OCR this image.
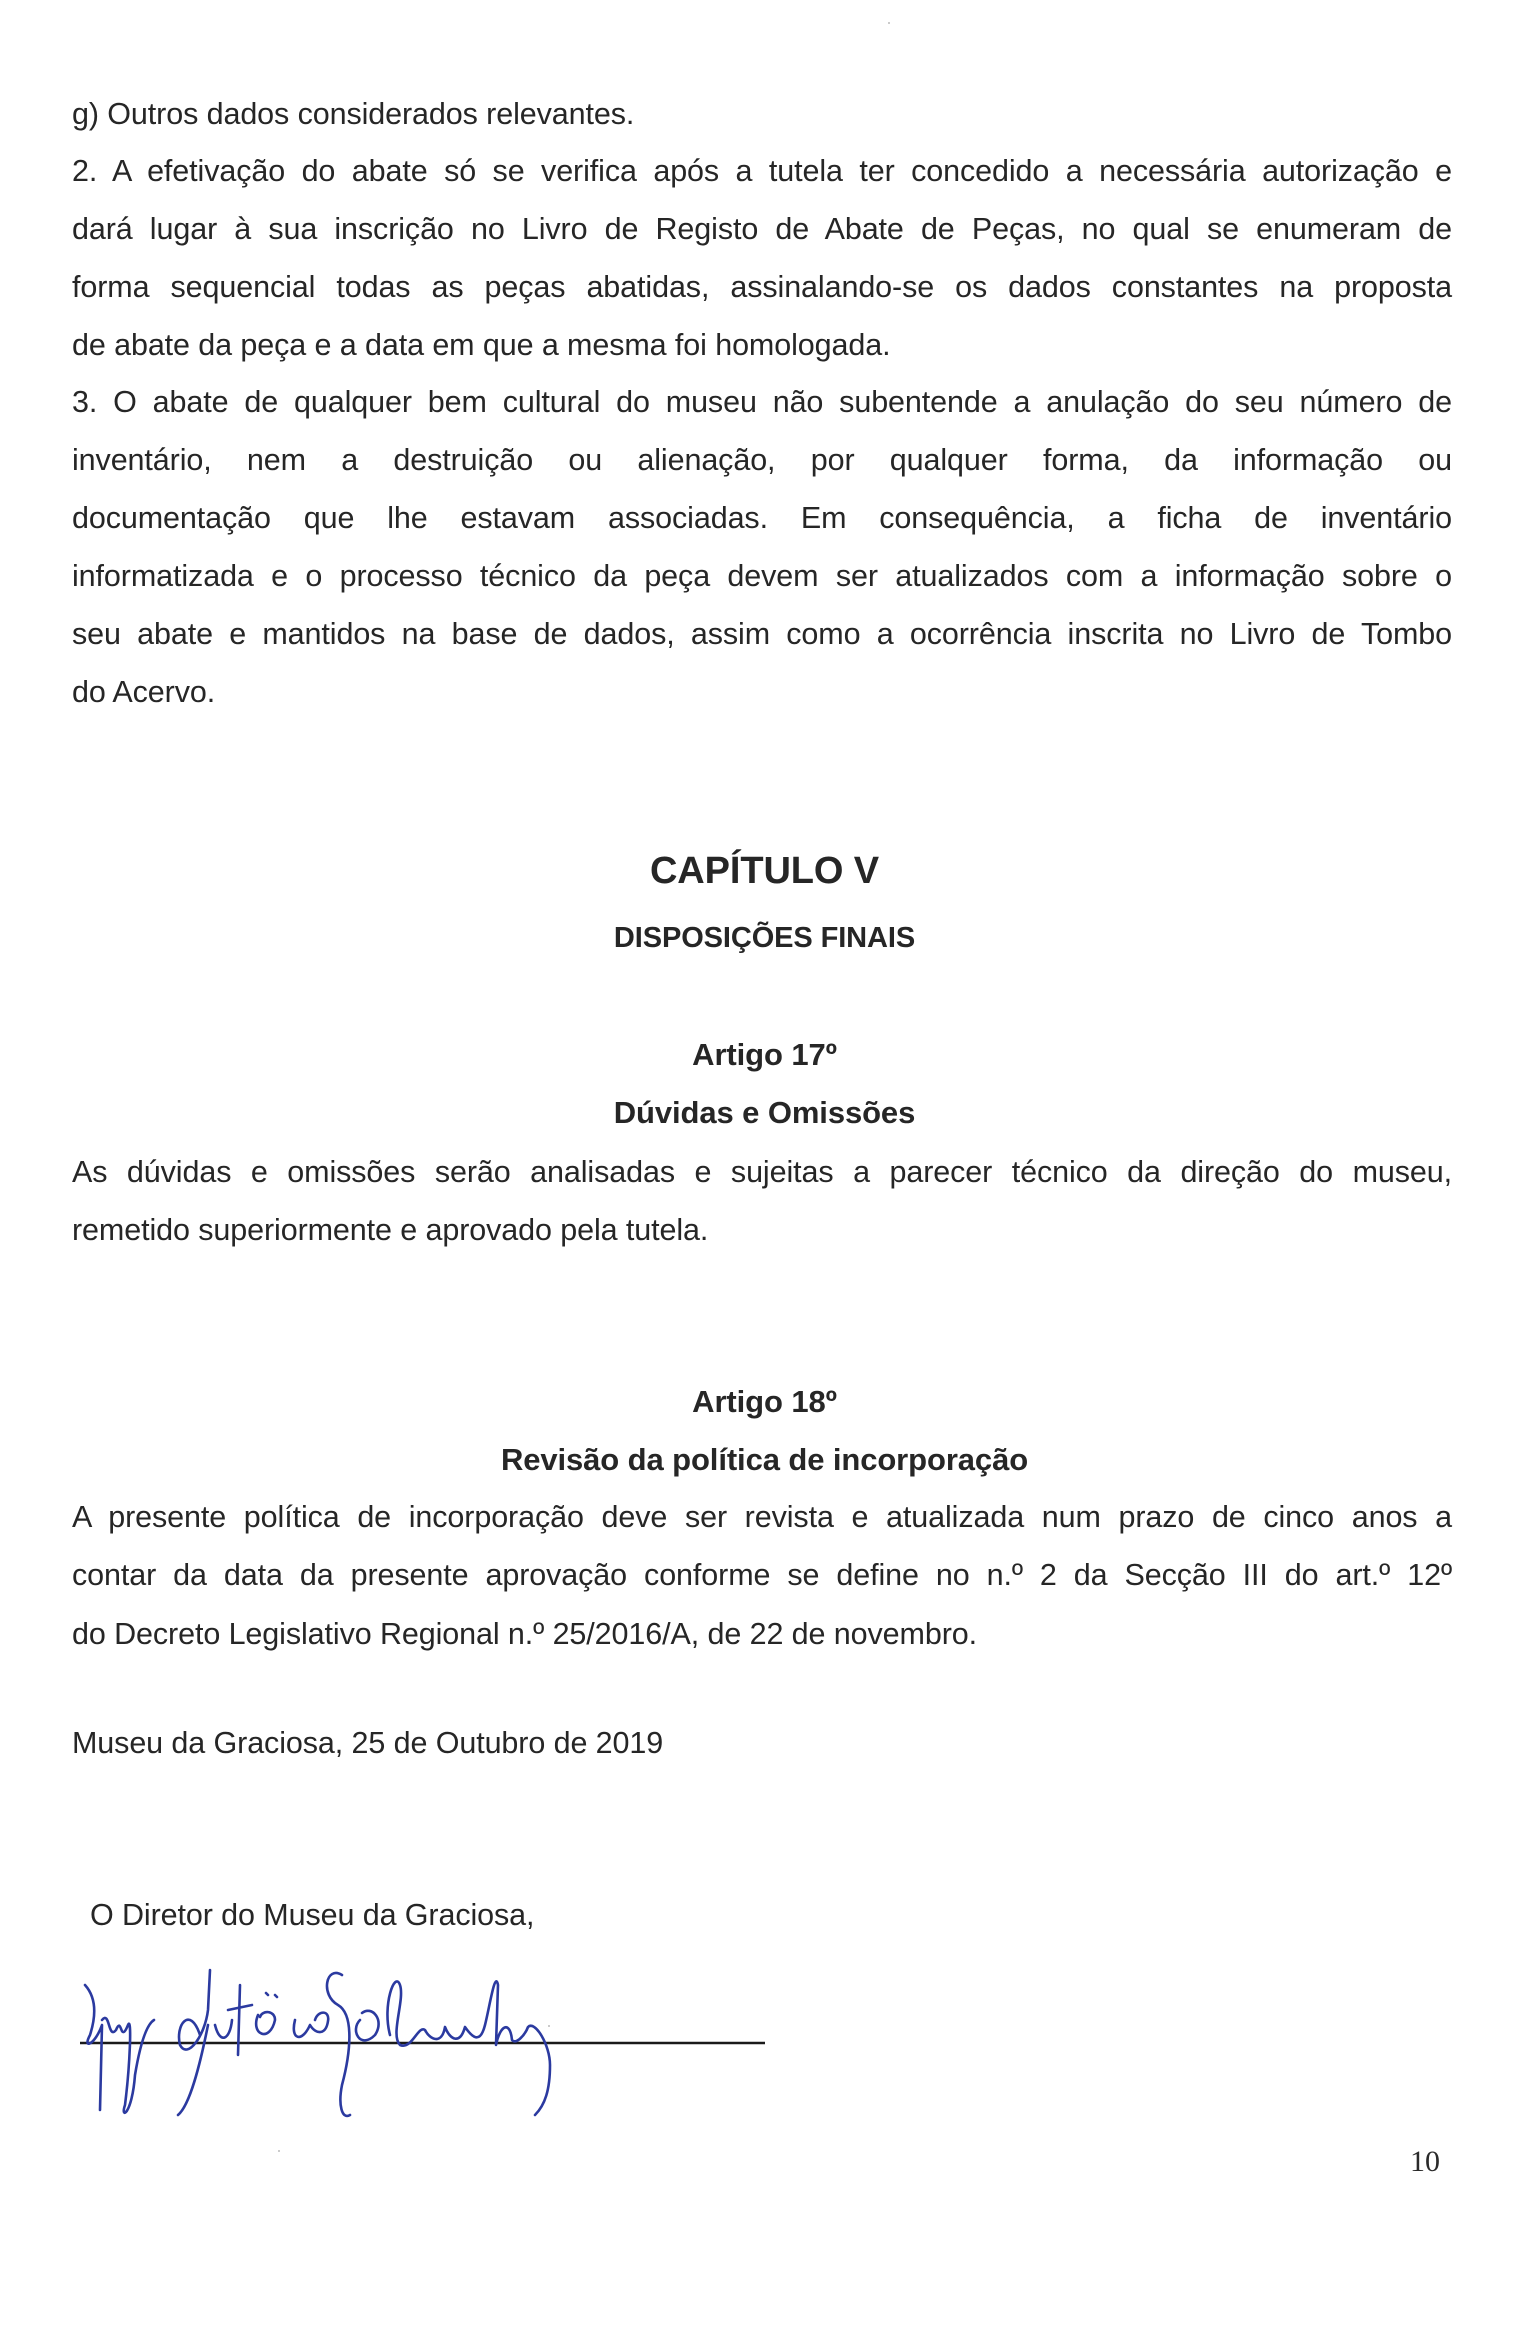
g) Outros dados considerados relevantes.
2. A efetivação do abate só se verifica após a tutela ter concedido a necessária autorização e
dará lugar à sua inscrição no Livro de Registo de Abate de Peças, no qual se enumeram de
forma sequencial todas as peças abatidas, assinalando-se os dados constantes na proposta
de abate da peça e a data em que a mesma foi homologada.
3. O abate de qualquer bem cultural do museu não subentende a anulação do seu número de
inventário, nem a destruição ou alienação, por qualquer forma, da informação ou
documentação que lhe estavam associadas. Em consequência, a ficha de inventário
informatizada e o processo técnico da peça devem ser atualizados com a informação sobre o
seu abate e mantidos na base de dados, assim como a ocorrência inscrita no Livro de Tombo
do Acervo.
CAPÍTULO V
DISPOSIÇÕES FINAIS
Artigo 17º
Dúvidas e Omissões
As dúvidas e omissões serão analisadas e sujeitas a parecer técnico da direção do museu,
remetido superiormente e aprovado pela tutela.
Artigo 18º
Revisão da política de incorporação
A presente política de incorporação deve ser revista e atualizada num prazo de cinco anos a
contar da data da presente aprovação conforme se define no n.º 2 da Secção III do art.º 12º
do Decreto Legislativo Regional n.º 25/2016/A, de 22 de novembro.
Museu da Graciosa, 25 de Outubro de 2019
O Diretor do Museu da Graciosa,
10
